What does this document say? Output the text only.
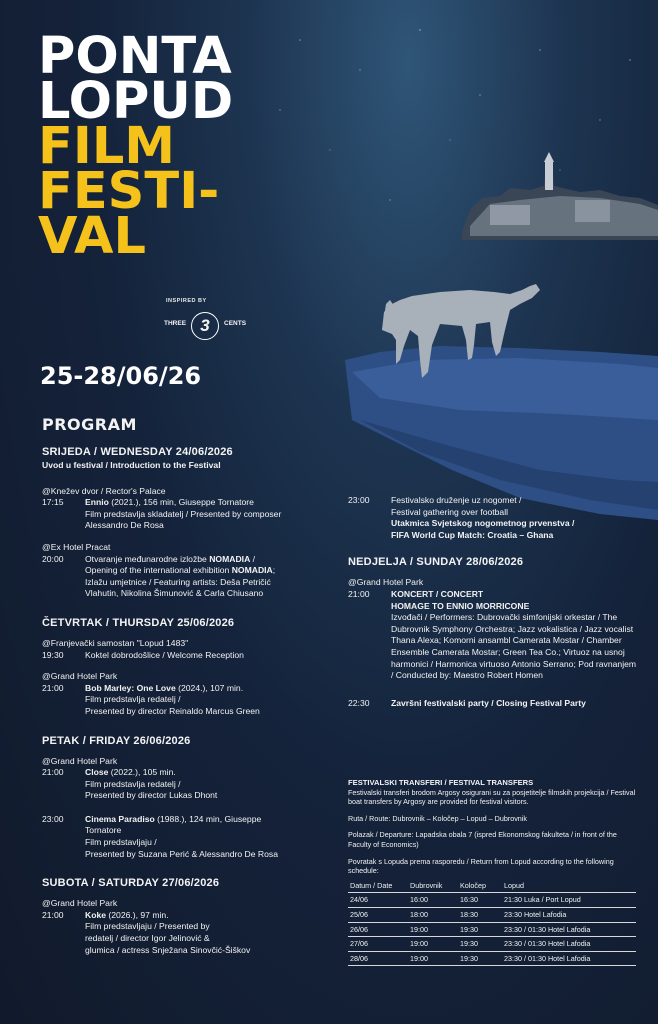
PONTA
LOPUD
FILM
FESTI-
VAL
INSPIRED BY
THREE 3	CENTS
25-28/06/26
PROGRAM
SRIJEDA / WEDNESDAY 24/06/2026
Uvod u festival / Introduction to the Festival
@Knežev dvor / Rector's Palace
17:15	Ennio (2021.), 156 min, Giuseppe Tornatore
Film predstavlja skladatelj / Presented by composer
Alessandro De Rosa
@Ex Hotel Pracat
20:00	Otvaranje međunarodne izložbe NOMADIA /
Opening of the international exhibition NOMADIA;
Izlažu umjetnice / Featuring artists: Deša Petričić
Vlahutin, Nikolina Šimunović & Carla Chiusano
ČETVRTAK / THURSDAY 25/06/2026
@Franjevački samostan "Lopud 1483"
19:30	Koktel dobrodošlice / Welcome Reception
@Grand Hotel Park
21:00	Bob Marley: One Love (2024.), 107 min.
Film predstavlja redatelj /
Presented by director Reinaldo Marcus Green
PETAK / FRIDAY 26/06/2026
@Grand Hotel Park
21:00	Close (2022.), 105 min.
Film predstavlja redatelj /
Presented by director Lukas Dhont
23:00	Cinema Paradiso (1988.), 124 min, Giuseppe
Tornatore
Film predstavljaju /
Presented by Suzana Perić & Alessandro De Rosa
SUBOTA / SATURDAY 27/06/2026
@Grand Hotel Park
21:00	Koke (2026.), 97 min.
Film predstavljaju / Presented by
redatelj / director Igor Jelinović &
glumica / actress Snježana Sinovčić-Šiškov
23:00	Festivalsko druženje uz nogomet /
Festival gathering over football
Utakmica Svjetskog nogometnog prvenstva /
FIFA World Cup Match: Croatia – Ghana
NEDJELJA / SUNDAY 28/06/2026
@Grand Hotel Park
21:00	KONCERT / CONCERT
HOMAGE TO ENNIO MORRICONE
Izvođači / Performers: Dubrovački simfonijski orkestar / The Dubrovnik Symphony Orchestra; Jazz vokalistica / Jazz vocalist Thana Alexa; Komorni ansambl Camerata Mostar / Chamber Ensemble Camerata Mostar; Green Tea Co.; Virtuoz na usnoj harmonici / Harmonica virtuoso Antonio Serrano; Pod ravnanjem / Conducted by: Maestro Robert Homen
22:30	Završni festivalski party / Closing Festival Party

FESTIVALSKI TRANSFERI / FESTIVAL TRANSFERS

Festivalski transferi brodom Argosy osigurani su za posjetitelje filmskih projekcija / Festival boat transfers by Argosy are provided for festival visitors.

Ruta / Route: Dubrovnik – Koločep – Lopud – Dubrovnik

Polazak / Departure: Lapadska obala 7 (ispred Ekonomskog fakulteta / in front of the Faculty of Economics)

Povratak s Lopuda prema rasporedu / Return from Lopud according to the following schedule:

Datum / Date	Dubrovnik	Koločep	Lopud
24/06	16:00	16:30	21:30 Luka / Port Lopud
25/06	18:00	18:30	23:30 Hotel Lafodia
26/06	19:00	19:30	23:30 / 01:30 Hotel Lafodia
27/06	19:00	19:30	23:30 / 01:30 Hotel Lafodia
28/06	19:00	19:30	23:30 / 01:30 Hotel Lafodia
